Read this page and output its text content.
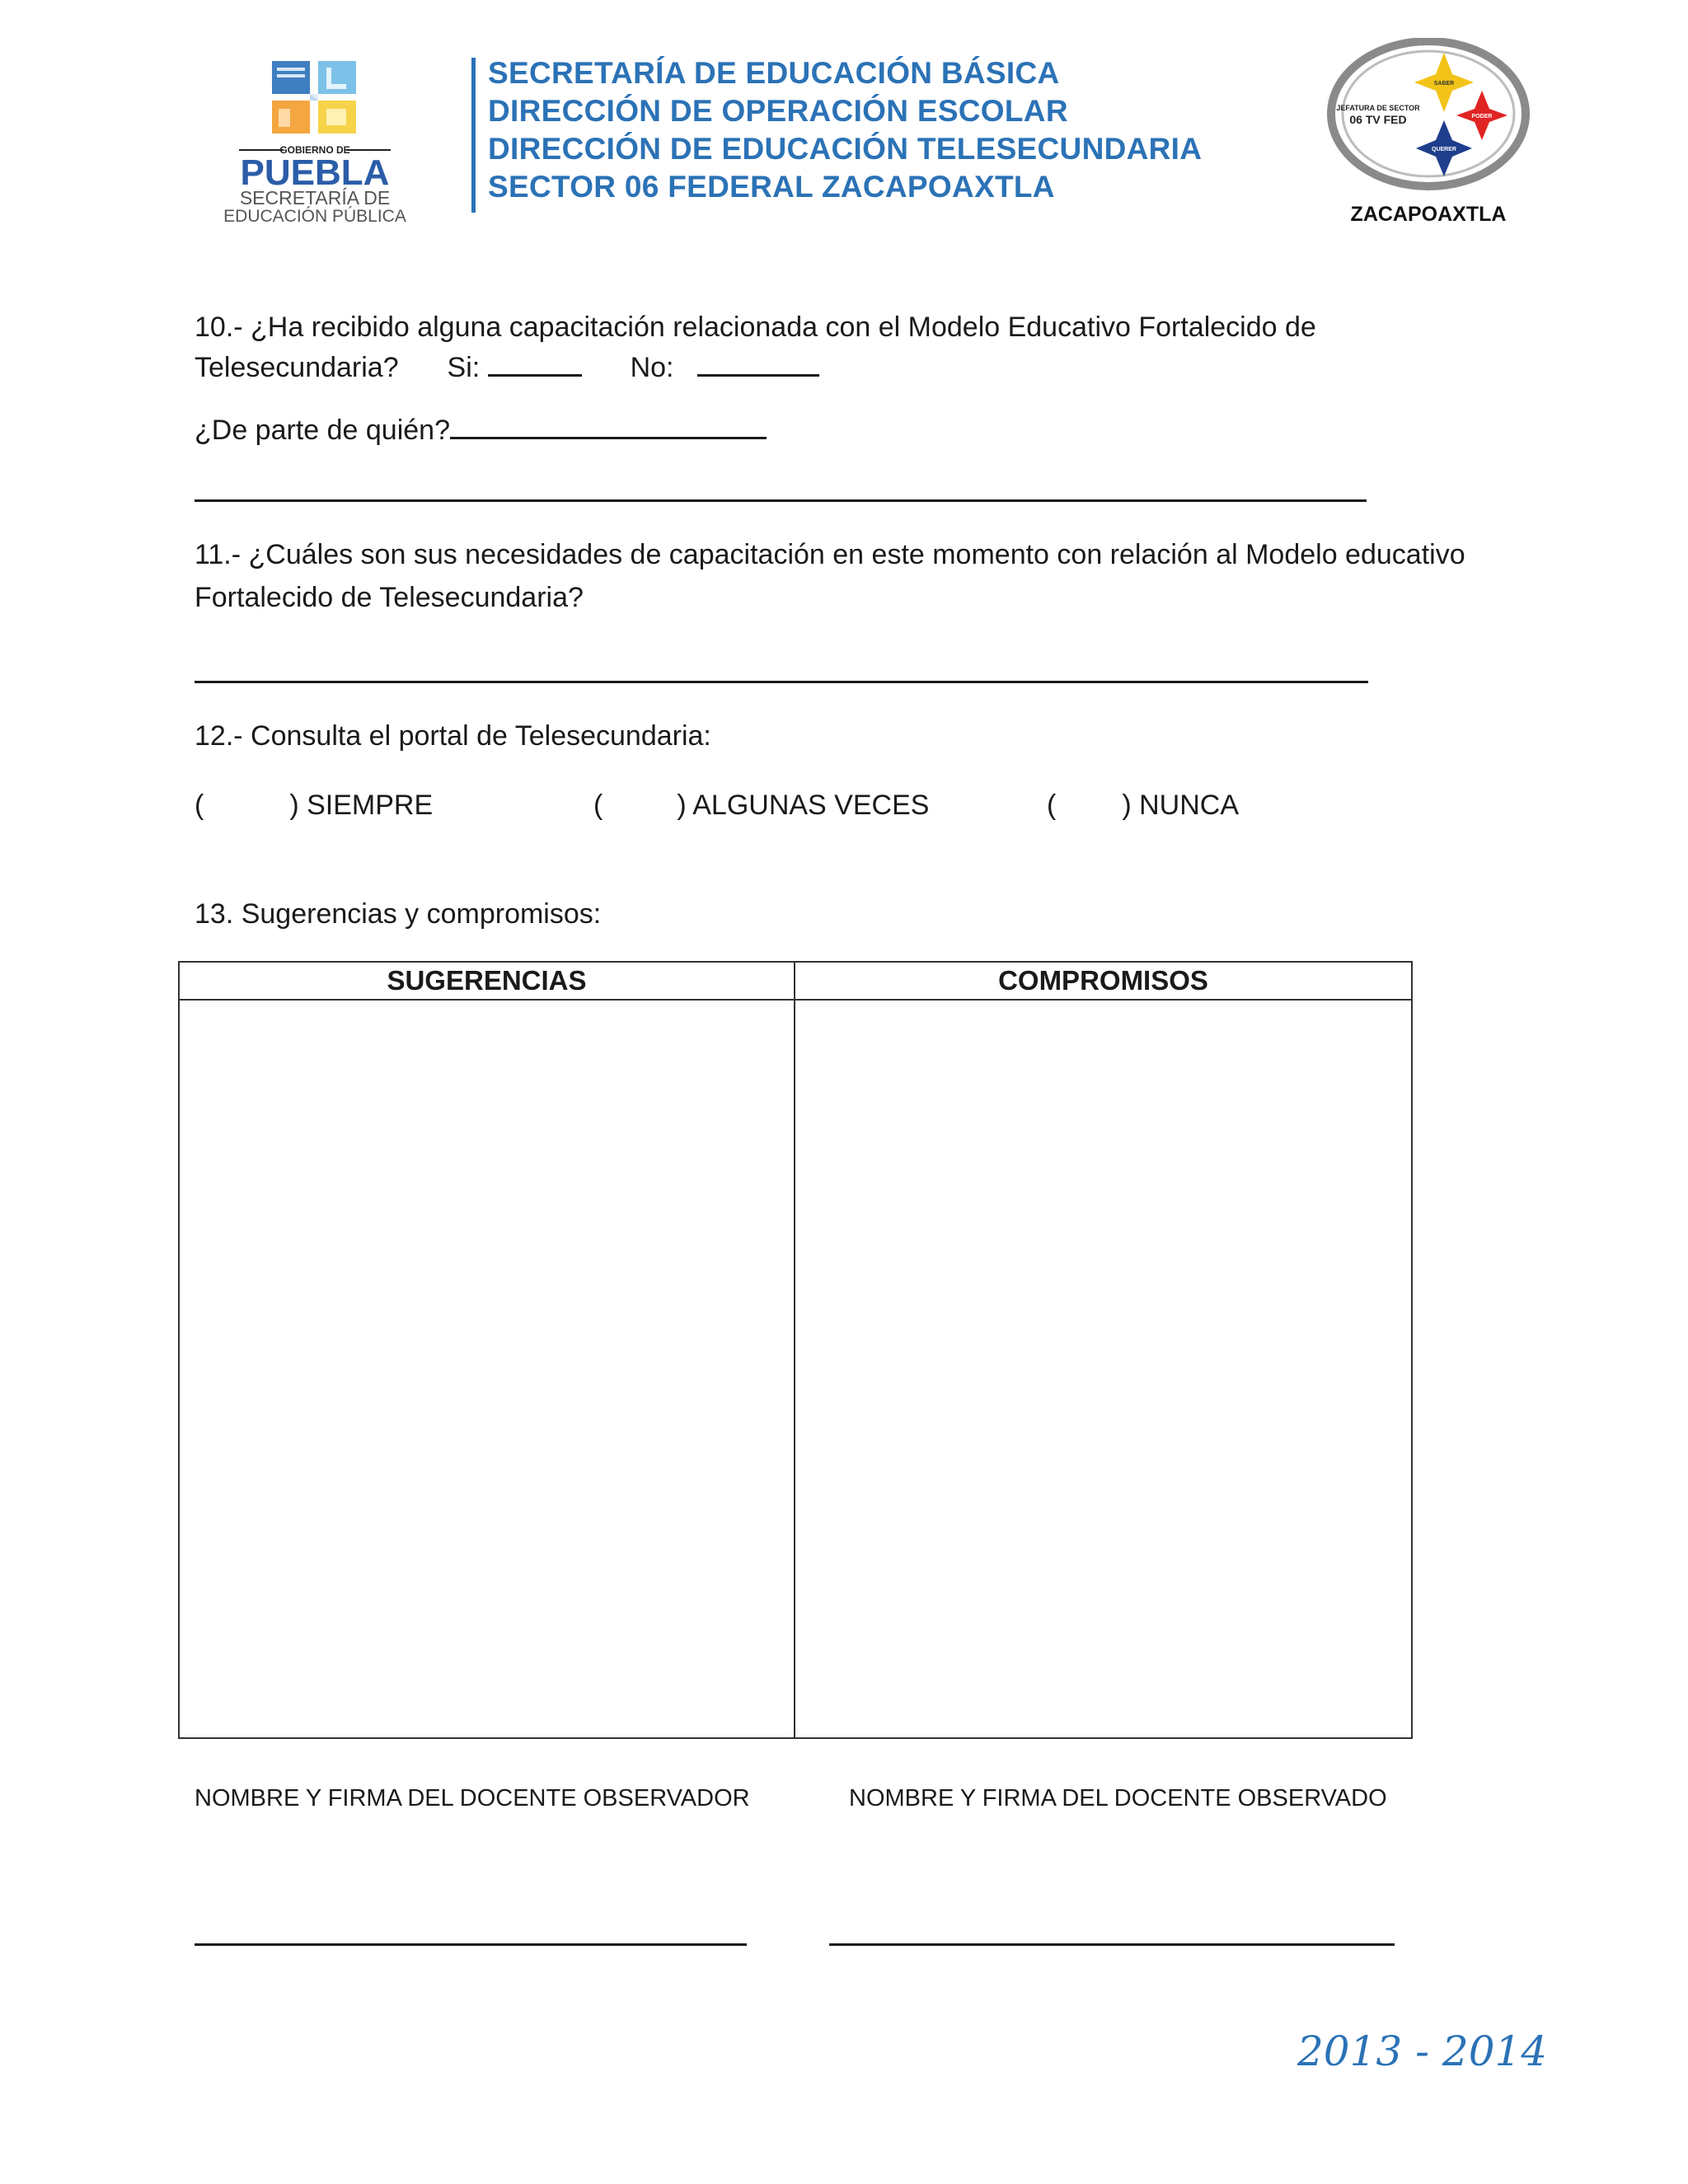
GOBIERNO DE
PUEBLA
SECRETARÍA DE
EDUCACIÓN PÚBLICA
SECRETARÍA DE EDUCACIÓN BÁSICA
DIRECCIÓN DE OPERACIÓN ESCOLAR
DIRECCIÓN DE EDUCACIÓN TELESECUNDARIA
SECTOR 06 FEDERAL ZACAPOAXTLA
SABER
PODER
QUERER
JEFATURA DE SECTOR
06 TV FED
ZACAPOAXTLA
10.- ¿Ha recibido alguna capacitación relacionada con el Modelo Educativo Fortalecido de
Telesecundaria? Si:	No:
¿De parte de quién?
11.- ¿Cuáles son sus necesidades de capacitación en este momento con relación al Modelo educativo
Fortalecido de Telesecundaria?
12.- Consulta el portal de Telesecundaria:
(	) SIEMPRE	(	) ALGUNAS VECES	( ) NUNCA
13. Sugerencias y compromisos:
SUGERENCIAS	COMPROMISOS
NOMBRE Y FIRMA DEL DOCENTE OBSERVADOR	NOMBRE Y FIRMA DEL DOCENTE OBSERVADO
2013 - 2014
